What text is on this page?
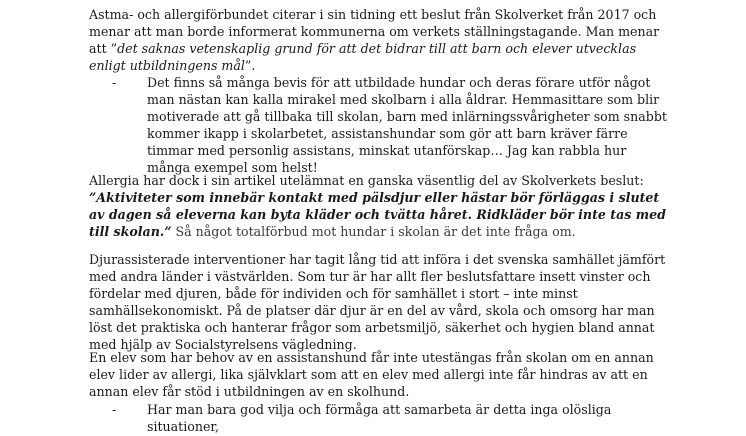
Astma- och allergiförbundet citerar i sin tidning ett beslut från Skolverket från 2017 och menar att man borde informerat kommunerna om verkets ställningstagande. Man menar att ”det saknas vetenskaplig grund för att det bidrar till att barn och elever utvecklas enligt utbildningens mål”.

- Det finns så många bevis för att utbildade hundar och deras förare utför något man nästan kan kalla mirakel med skolbarn i alla åldrar. Hemmasittare som blir motiverade att gå tillbaka till skolan, barn med inlärningssvårigheter som snabbt kommer ikapp i skolarbetet, assistanshundar som gör att barn kräver färre timmar med personlig assistans, minskat utanförskap… Jag kan rabbla hur många exempel som helst!

Allergia har dock i sin artikel utelämnat en ganska väsentlig del av Skolverkets beslut:
”Aktiviteter som innebär kontakt med pälsdjur eller hästar bör förläggas i slutet av dagen så eleverna kan byta kläder och tvätta håret. Ridkläder bör inte tas med till skolan.” Så något totalförbud mot hundar i skolan är det inte fråga om.

Djurassisterade interventioner har tagit lång tid att införa i det svenska samhället jämfört med andra länder i västvärlden. Som tur är har allt fler beslutsfattare insett vinster och fördelar med djuren, både för individen och för samhället i stort – inte minst samhällsekonomiskt. På de platser där djur är en del av vård, skola och omsorg har man löst det praktiska och hanterar frågor som arbetsmiljö, säkerhet och hygien bland annat med hjälp av Socialstyrelsens vägledning.

En elev som har behov av en assistanshund får inte utestängas från skolan om en annan elev lider av allergi, lika självklart som att en elev med allergi inte får hindras av att en annan elev får stöd i utbildningen av en skolhund.

- Har man bara god vilja och förmåga att samarbeta är detta inga olösliga situationer,
